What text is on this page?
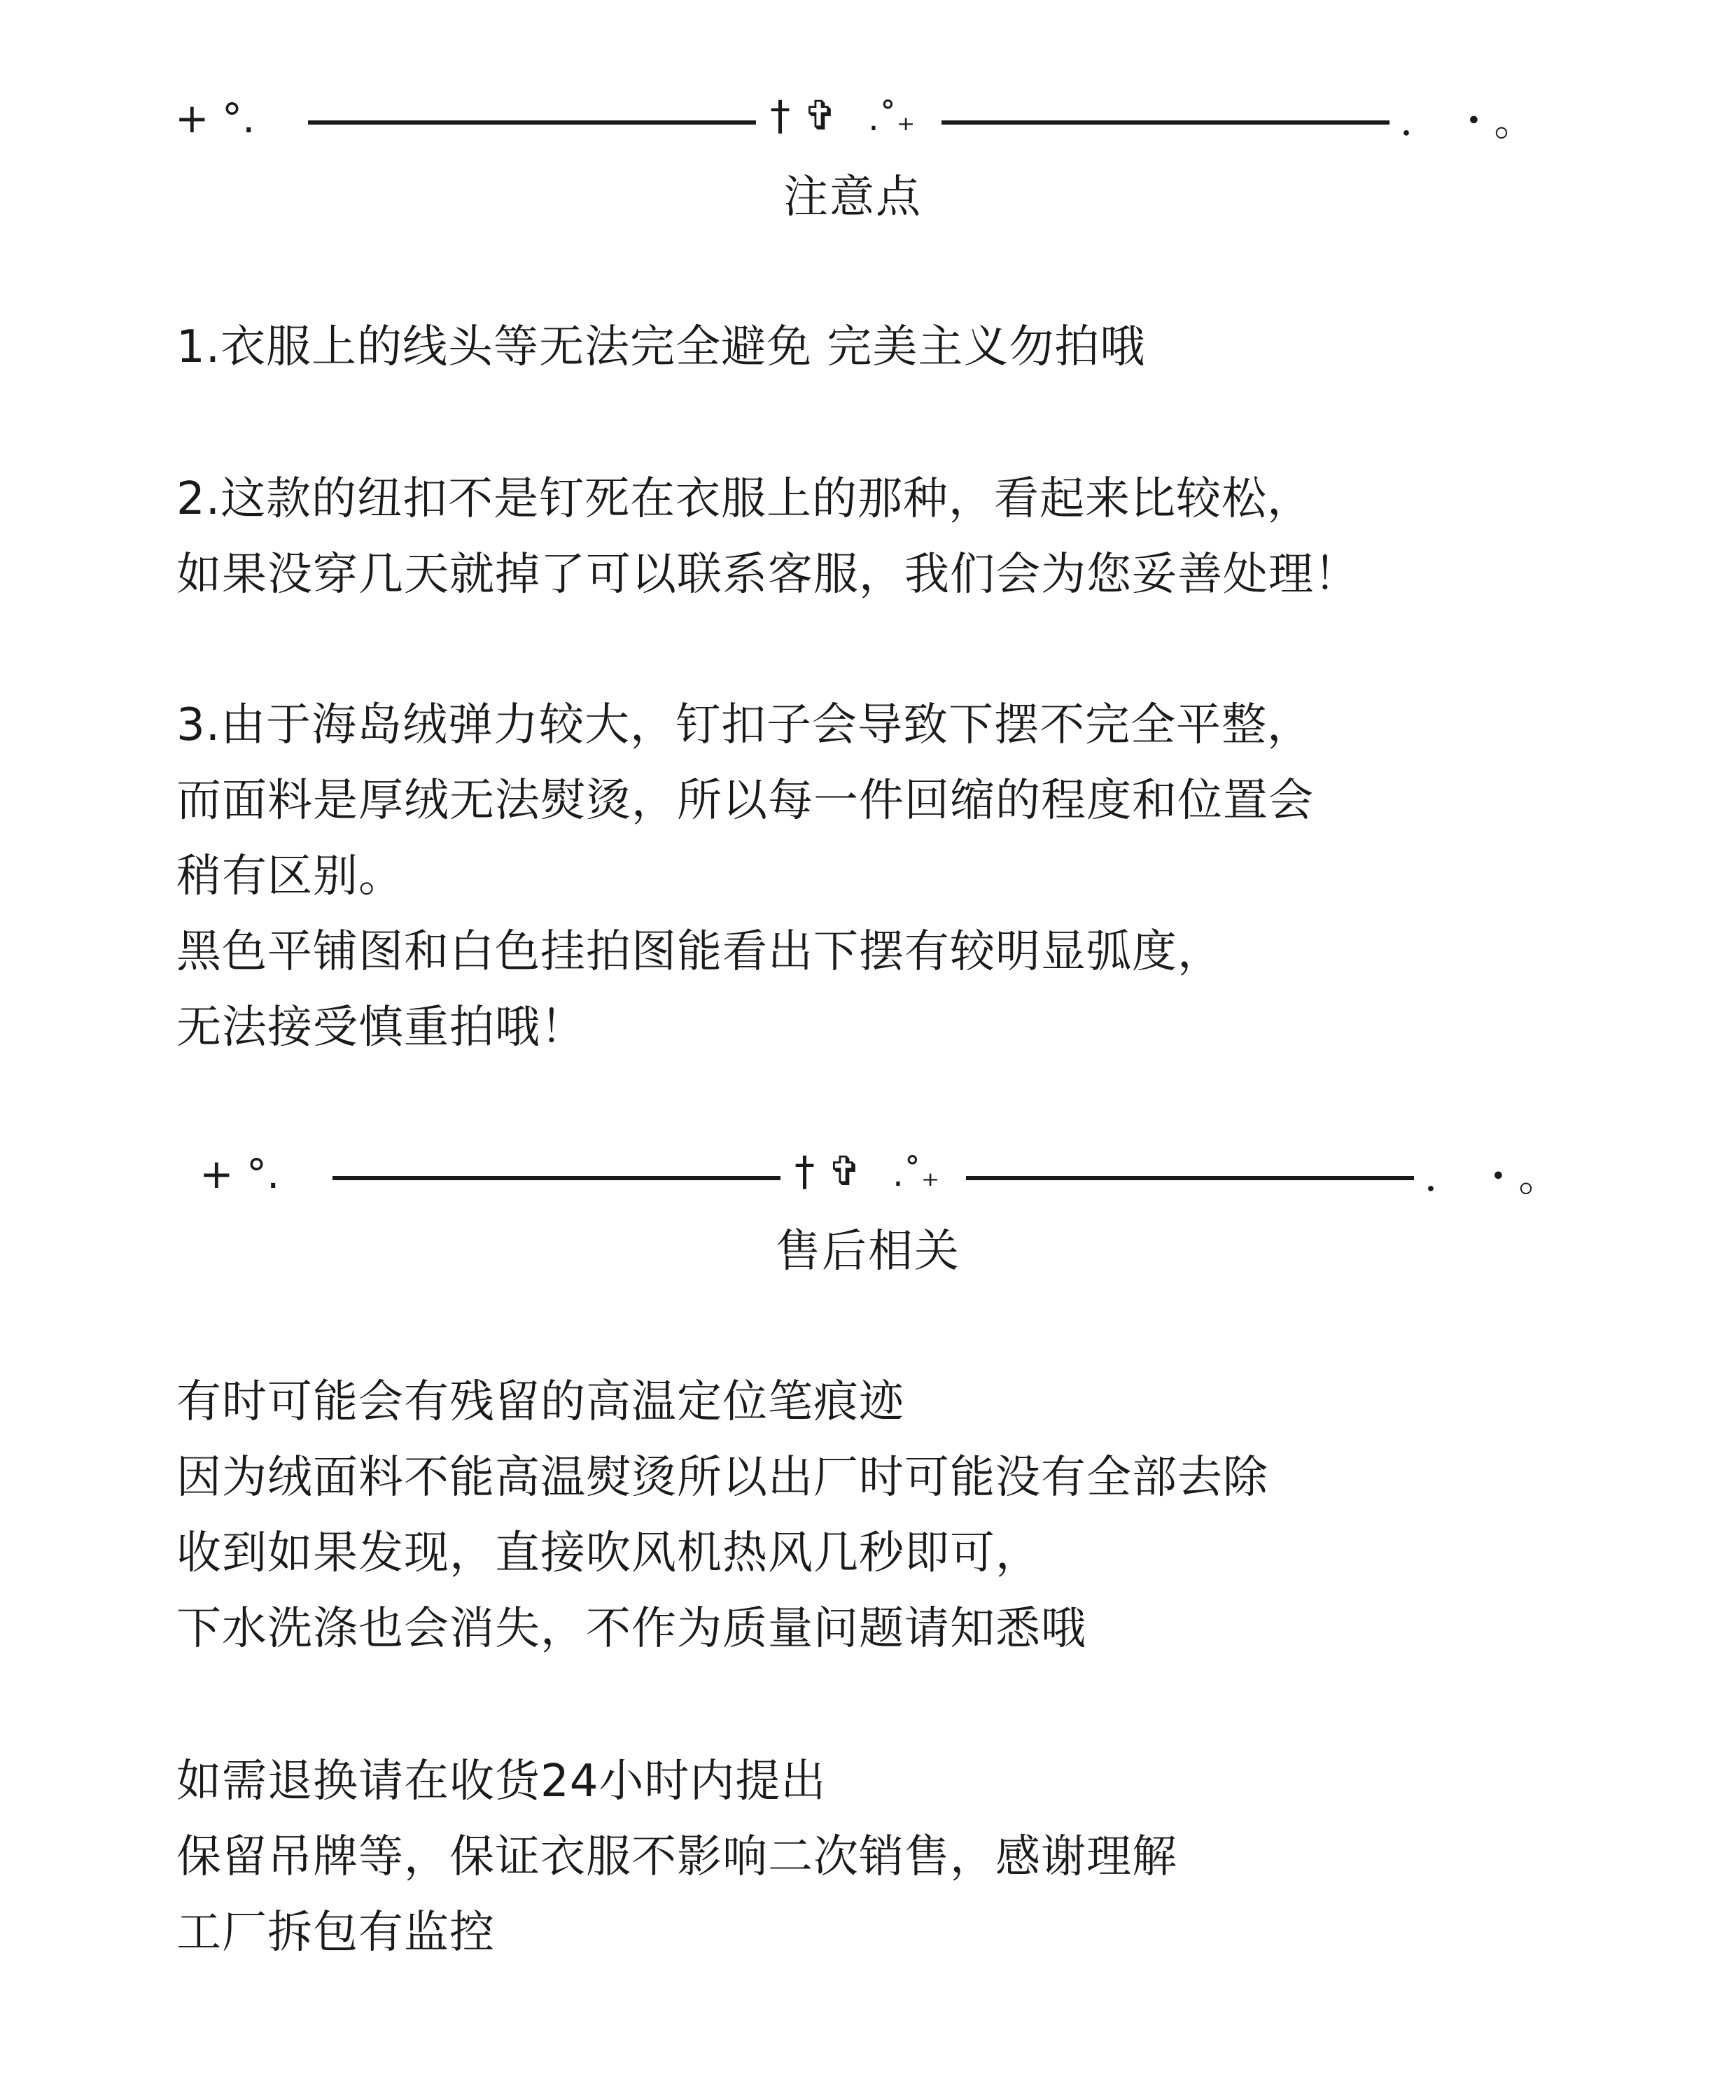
+ °.	† ✞ .˚₊	． ・。
注意点
1.衣服上的线头等无法完全避免 完美主义勿拍哦
2.这款的纽扣不是钉死在衣服上的那种，看起来比较松，
如果没穿几天就掉了可以联系客服，我们会为您妥善处理！
3.由于海岛绒弹力较大，钉扣子会导致下摆不完全平整，
而面料是厚绒无法熨烫，所以每一件回缩的程度和位置会
稍有区别。
黑色平铺图和白色挂拍图能看出下摆有较明显弧度，
无法接受慎重拍哦！
+ °.	† ✞ .˚₊	． ・。
售后相关
有时可能会有残留的高温定位笔痕迹
因为绒面料不能高温熨烫所以出厂时可能没有全部去除
收到如果发现，直接吹风机热风几秒即可，
下水洗涤也会消失，不作为质量问题请知悉哦
如需退换请在收货24小时内提出
保留吊牌等，保证衣服不影响二次销售，感谢理解
工厂拆包有监控
